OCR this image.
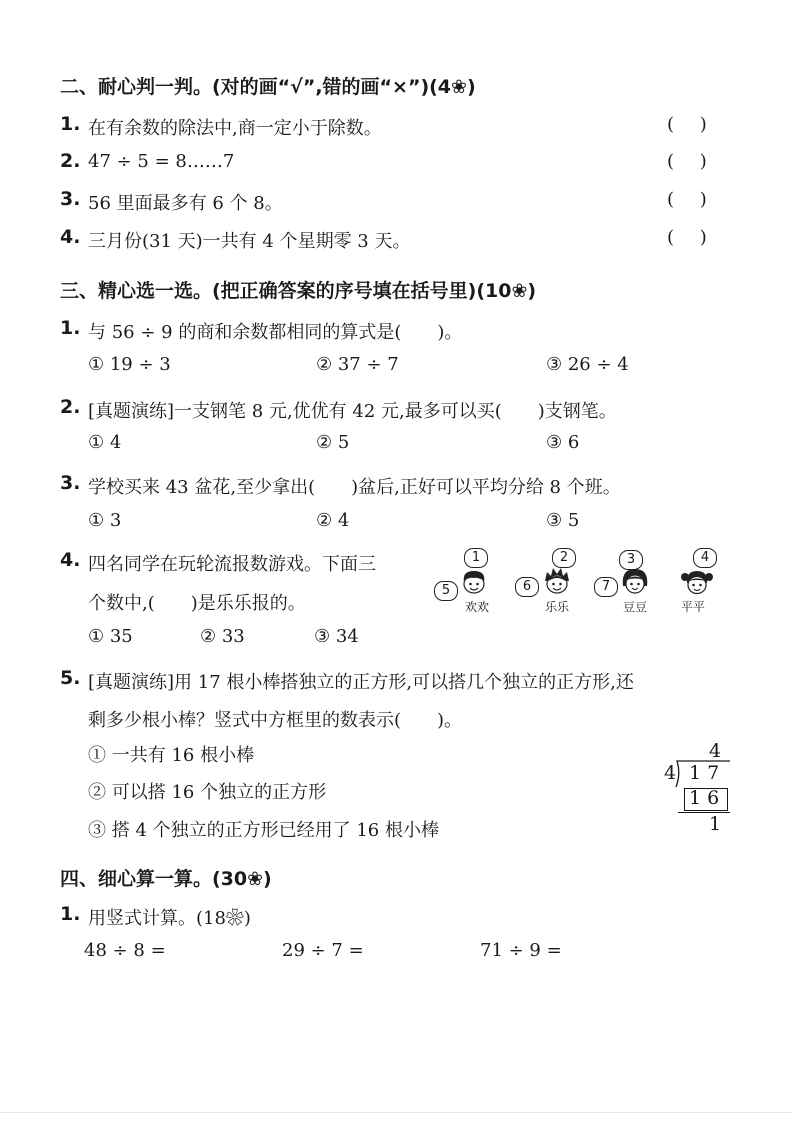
二、耐心判一判。(对的画“√”,错的画“×”)(4❀)
1. 在有余数的除法中,商一定小于除数。	( )
2. 47 ÷ 5 = 8……7	( )
3. 56 里面最多有 6 个 8。	( )
4. 三月份(31 天)一共有 4 个星期零 3 天。	( )
三、精心选一选。(把正确答案的序号填在括号里)(10❀)
1. 与 56 ÷ 9 的商和余数都相同的算式是(　　)。
① 19 ÷ 3	② 37 ÷ 7	③ 26 ÷ 4
2. [真题演练]一支钢笔 8 元,优优有 42 元,最多可以买(　　)支钢笔。
① 4	② 5	③ 6
3. 学校买来 43 盆花,至少拿出(　　)盆后,正好可以平均分给 8 个班。
① 3	② 4	③ 5
4. 四名同学在玩轮流报数游戏。下面三
个数中,(　　)是乐乐报的。
① 35	② 33	③ 34
1
5
欢欢
2
6
乐乐
3
7
豆豆
4
平平
5. [真题演练]用 17 根小棒搭独立的正方形,可以搭几个独立的正方形,还
剩多少根小棒？竖式中方框里的数表示(　　)。
① 一共有 16 根小棒
② 可以搭 16 个独立的正方形
③ 搭 4 个独立的正方形已经用了 16 根小棒
4
4 17
16
1
四、细心算一算。(30❀)
1. 用竖式计算。(18❀)
48 ÷ 8 =	29 ÷ 7 =	71 ÷ 9 =
